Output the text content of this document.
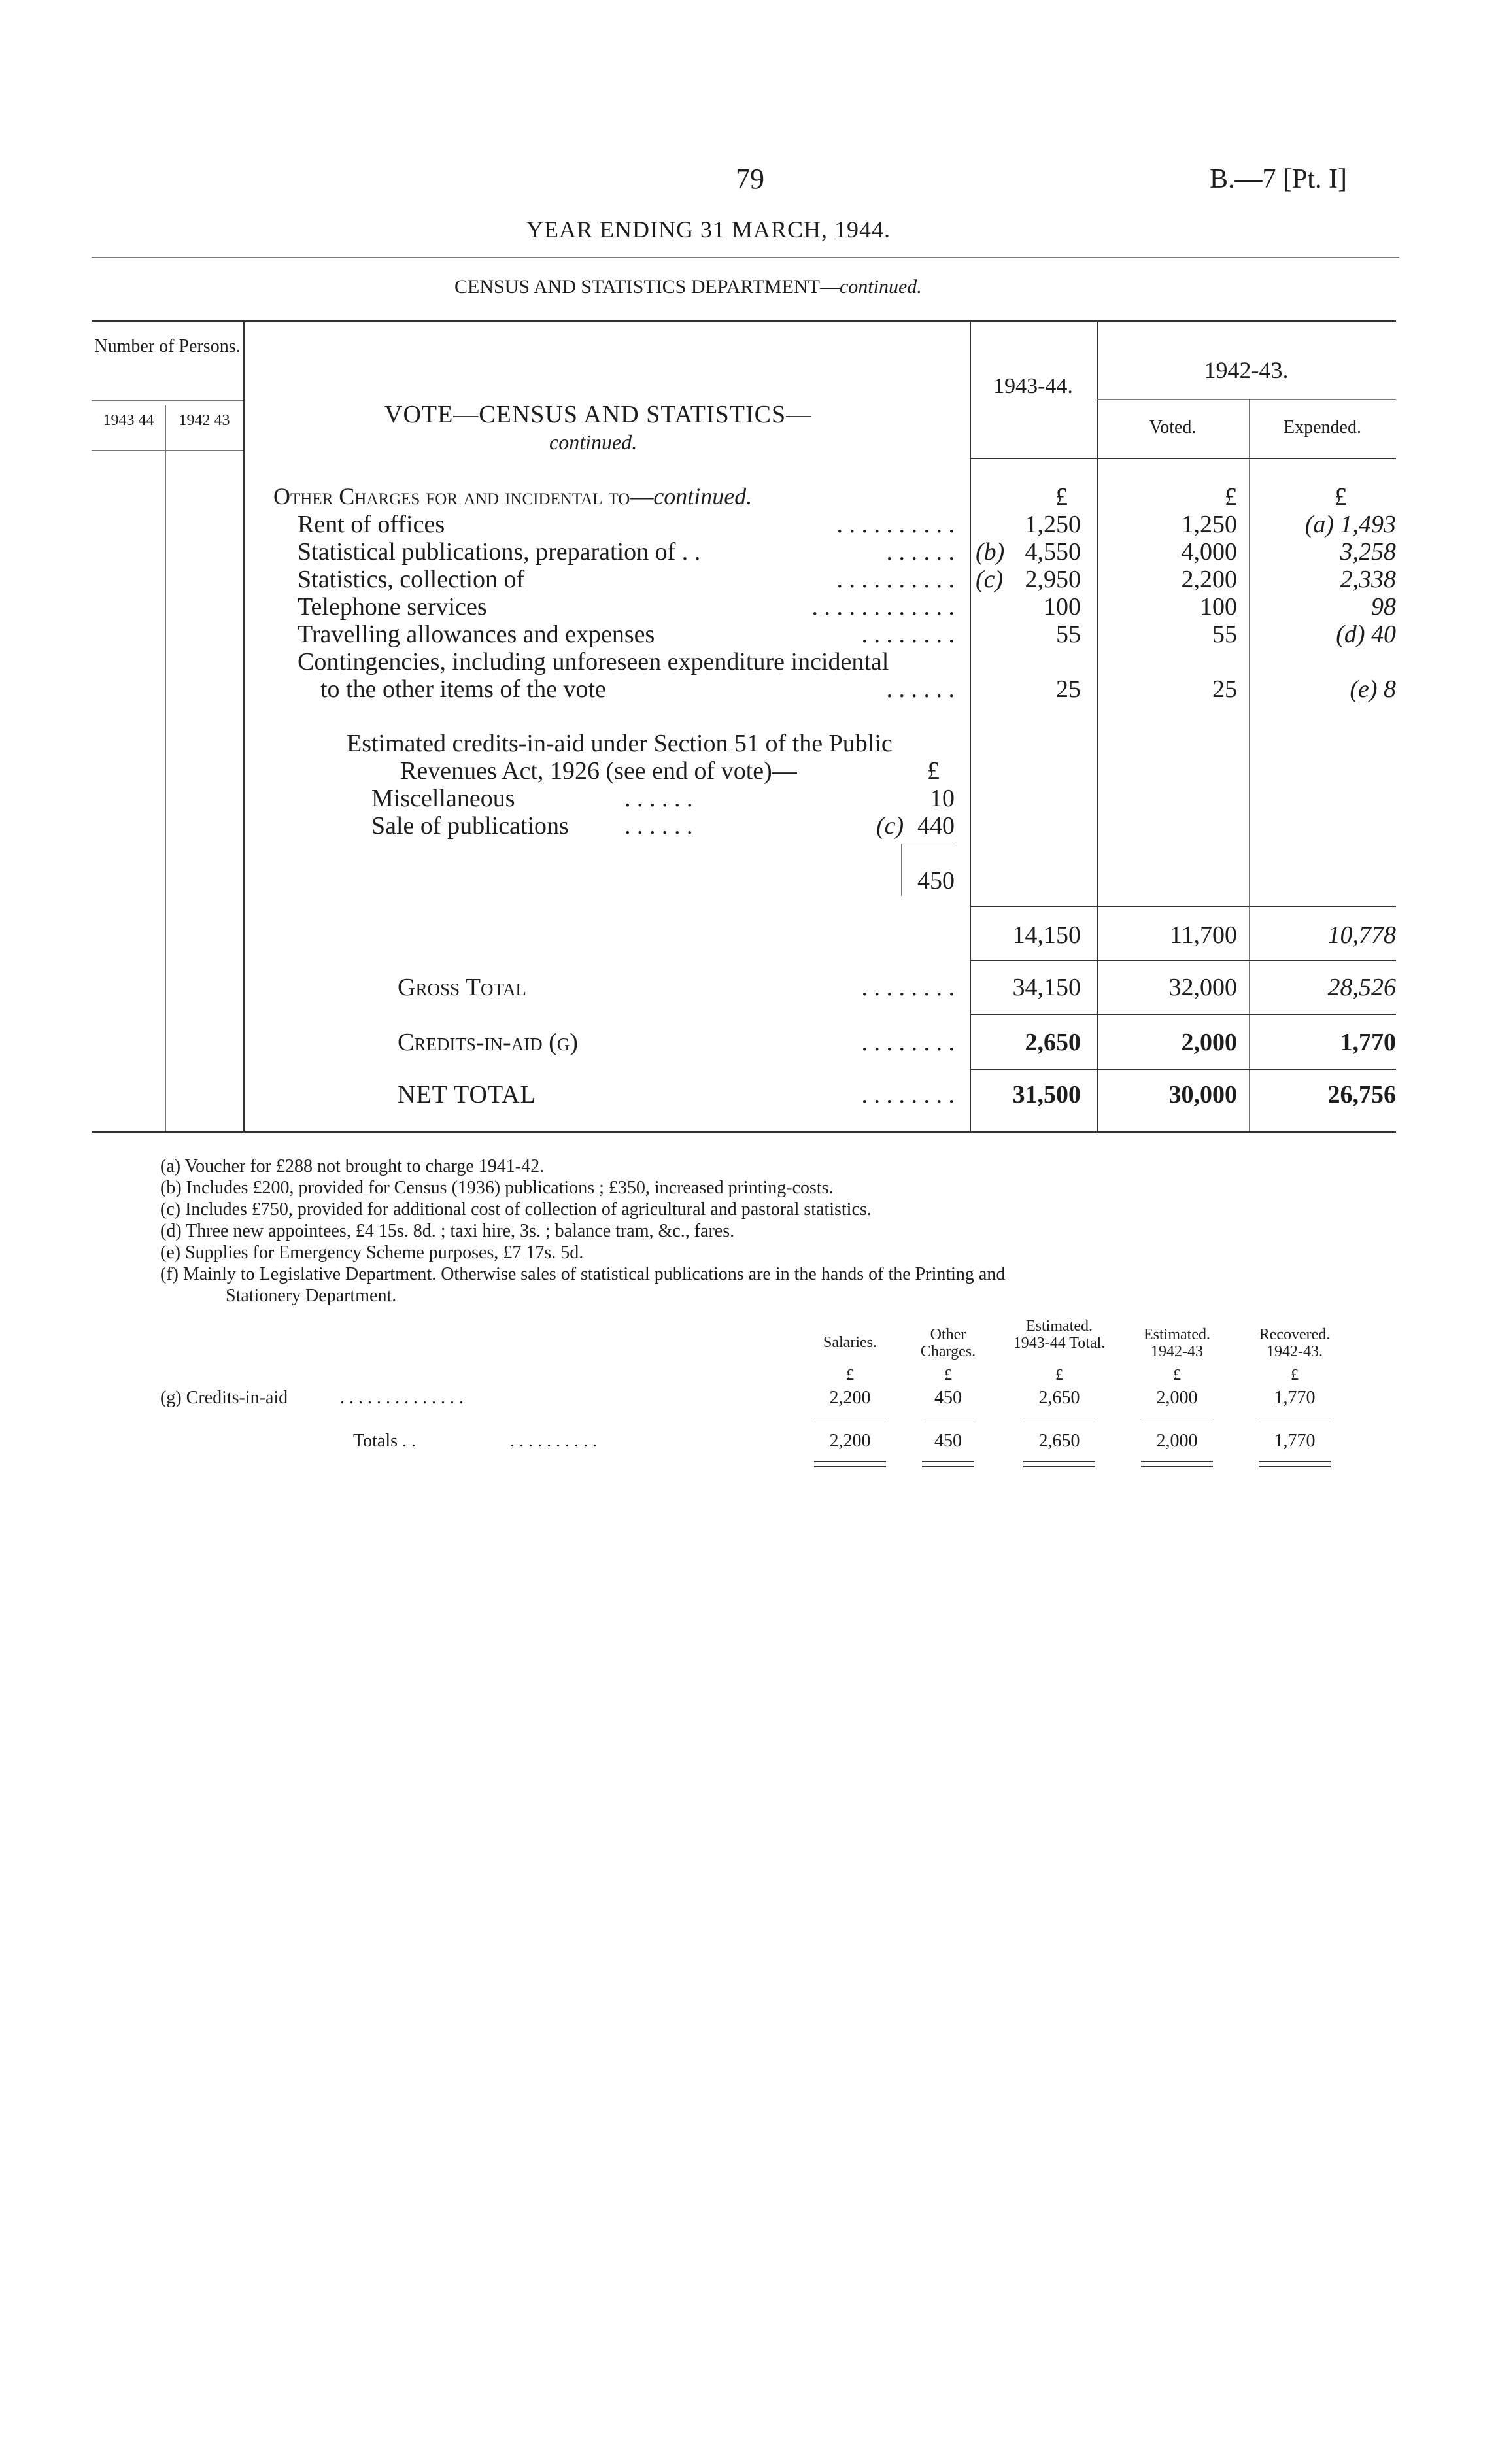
79	B.—7 [Pt. I]
YEAR ENDING 31 MARCH, 1944.
CENSUS AND STATISTICS DEPARTMENT—continued.
Number of Persons.
1943 44	1942 43	VOTE—CENSUS AND STATISTICS—
continued.
1943-44.
1942-43.
Voted.	Expended.
Other Charges for and incidental to—continued.	£	£	£
Rent of offices	. . . . . . . . . .	1,250	1,250	(a) 1,493
Statistical publications, preparation of . .	. . . . . . (b) 4,550	4,000	3,258
Statistics, collection of	. . . . . . . . . . (c) 2,950	2,200	2,338
Telephone services	. . . . . . . . . . . .	100	100	98
Travelling allowances and expenses	. . . . . . . .	55	55	(d) 40
Contingencies, including unforeseen expenditure incidental
to the other items of the vote	. . . . . .	25	25	(e) 8
Estimated credits-in-aid under Section 51 of the Public
Revenues Act, 1926 (see end of vote)—	£
Miscellaneous	. . . . . .	10
Sale of publications . . . . . .	(c) 440
450
14,150	11,700	10,778
Gross Total	. . . . . . . .	34,150	32,000	28,526
Credits-in-aid (g)	. . . . . . . .	2,650	2,000	1,770
NET TOTAL	. . . . . . . .	31,500	30,000	26,756
(a) Voucher for £288 not brought to charge 1941-42.
(b) Includes £200, provided for Census (1936) publications ; £350, increased printing-costs.
(c) Includes £750, provided for additional cost of collection of agricultural and pastoral statistics.
(d) Three new appointees, £4 15s. 8d. ; taxi hire, 3s. ; balance tram, &c., fares.
(e) Supplies for Emergency Scheme purposes, £7 17s. 5d.
(f) Mainly to Legislative Department. Otherwise sales of statistical publications are in the hands of the Printing and
Stationery Department.
Salaries.	Other Charges.
Estimated. 1943-44 Total.	Estimated. 1942-43
Recovered. 1942-43.
£	£	£	£	£
(g) Credits-in-aid	. . . . . . . . . . . . . .	2,200	450	2,650	2,000	1,770
Totals . .	. . . . . . . . . .	2,200	450	2,650	2,000	1,770
